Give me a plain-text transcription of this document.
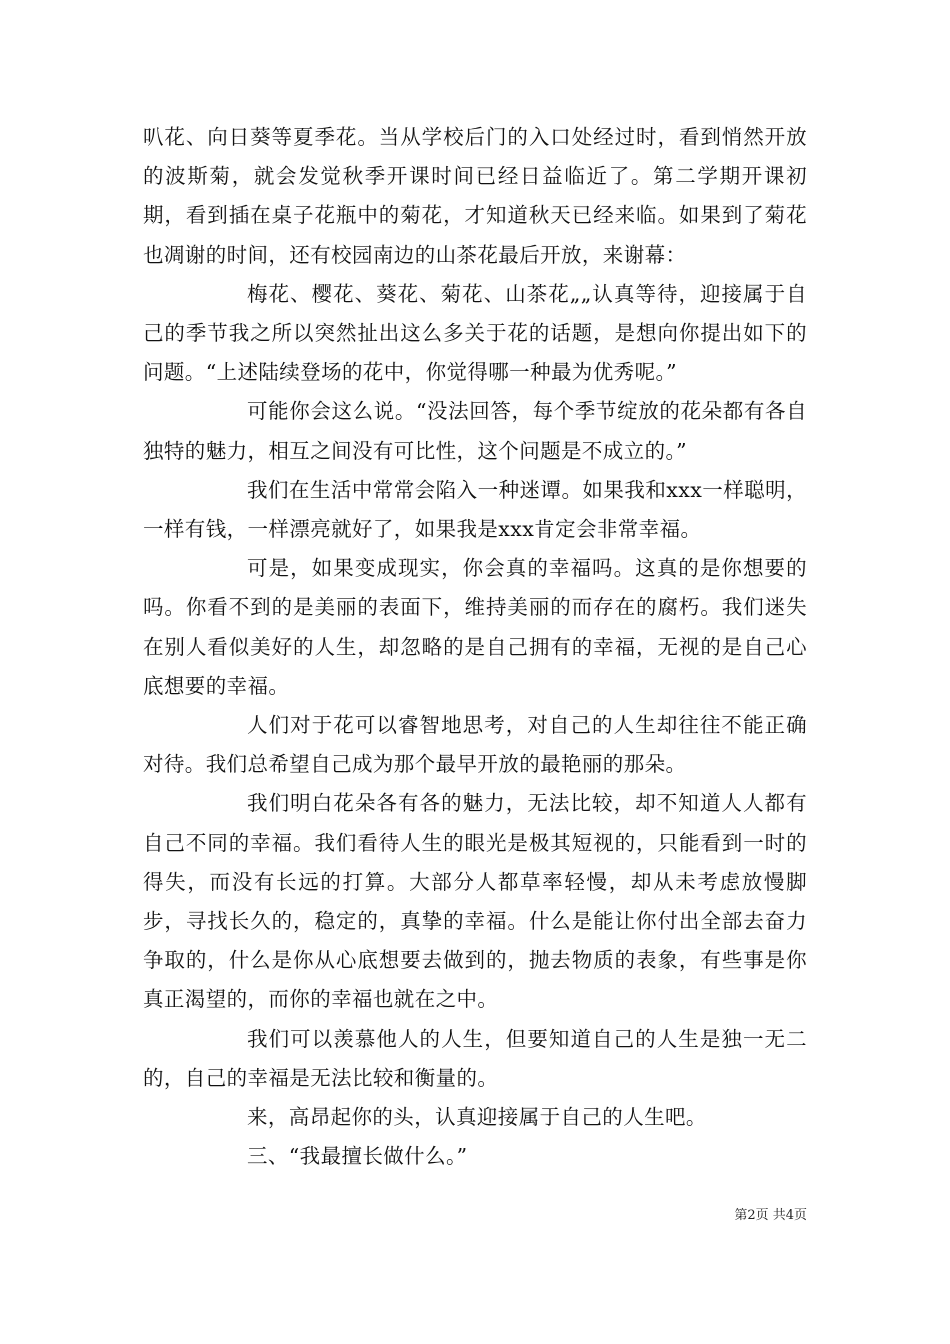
叭花、向日葵等夏季花。当从学校后门的入口处经过时，看到悄然开放的波斯菊，就会发觉秋季开课时间已经日益临近了。第二学期开课初期，看到插在桌子花瓶中的菊花，才知道秋天已经来临。如果到了菊花也凋谢的时间，还有校园南边的山茶花最后开放，来谢幕：

梅花、樱花、葵花、菊花、山茶花„„认真等待，迎接属于自己的季节我之所以突然扯出这么多关于花的话题，是想向你提出如下的问题。“上述陆续登场的花中，你觉得哪一种最为优秀呢。”

可能你会这么说。“没法回答，每个季节绽放的花朵都有各自独特的魅力，相互之间没有可比性，这个问题是不成立的。”

我们在生活中常常会陷入一种迷谭。如果我和xxx一样聪明，一样有钱，一样漂亮就好了，如果我是xxx肯定会非常幸福。

可是，如果变成现实，你会真的幸福吗。这真的是你想要的吗。你看不到的是美丽的表面下，维持美丽的而存在的腐朽。我们迷失在别人看似美好的人生，却忽略的是自己拥有的幸福，无视的是自己心底想要的幸福。

人们对于花可以睿智地思考，对自己的人生却往往不能正确对待。我们总希望自己成为那个最早开放的最艳丽的那朵。

我们明白花朵各有各的魅力，无法比较，却不知道人人都有自己不同的幸福。我们看待人生的眼光是极其短视的，只能看到一时的得失，而没有长远的打算。大部分人都草率轻慢，却从未考虑放慢脚步，寻找长久的，稳定的，真挚的幸福。什么是能让你付出全部去奋力争取的，什么是你从心底想要去做到的，抛去物质的表象，有些事是你真正渴望的，而你的幸福也就在之中。

我们可以羡慕他人的人生，但要知道自己的人生是独一无二的，自己的幸福是无法比较和衡量的。

来，高昂起你的头，认真迎接属于自己的人生吧。

三、“我最擅长做什么。”

第2页 共4页
